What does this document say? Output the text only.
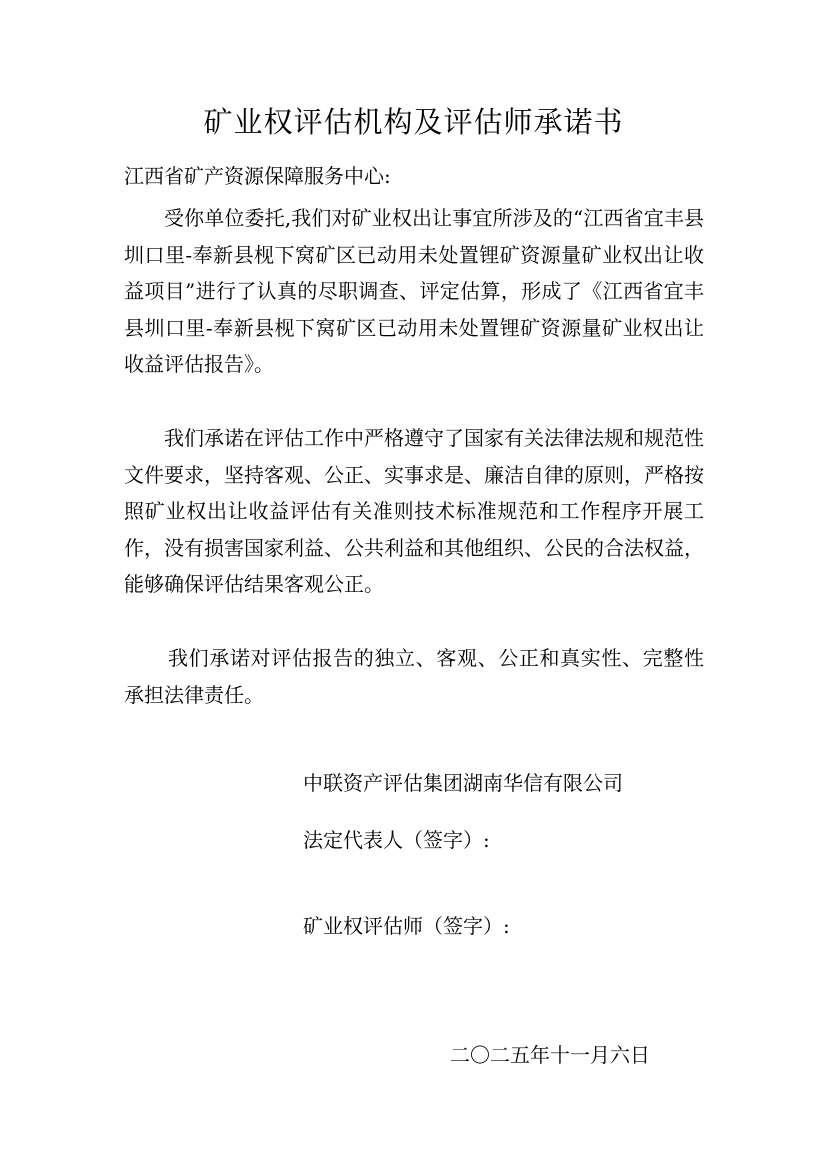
矿业权评估机构及评估师承诺书
江西省矿产资源保障服务中心:

受你单位委托,我们对矿业权出让事宜所涉及的“江西省宜丰县圳口里-奉新县枧下窝矿区已动用未处置锂矿资源量矿业权出让收益项目”进行了认真的尽职调查、评定估算，形成了《江西省宜丰县圳口里-奉新县枧下窝矿区已动用未处置锂矿资源量矿业权出让收益评估报告》。

我们承诺在评估工作中严格遵守了国家有关法律法规和规范性文件要求，坚持客观、公正、实事求是、廉洁自律的原则，严格按照矿业权出让收益评估有关准则技术标准规范和工作程序开展工作，没有损害国家利益、公共利益和其他组织、公民的合法权益，能够确保评估结果客观公正。

我们承诺对评估报告的独立、客观、公正和真实性、完整性承担法律责任。

中联资产评估集团湖南华信有限公司
法定代表人（签字）:
矿业权评估师（签字）:
二〇二五年十一月六日
